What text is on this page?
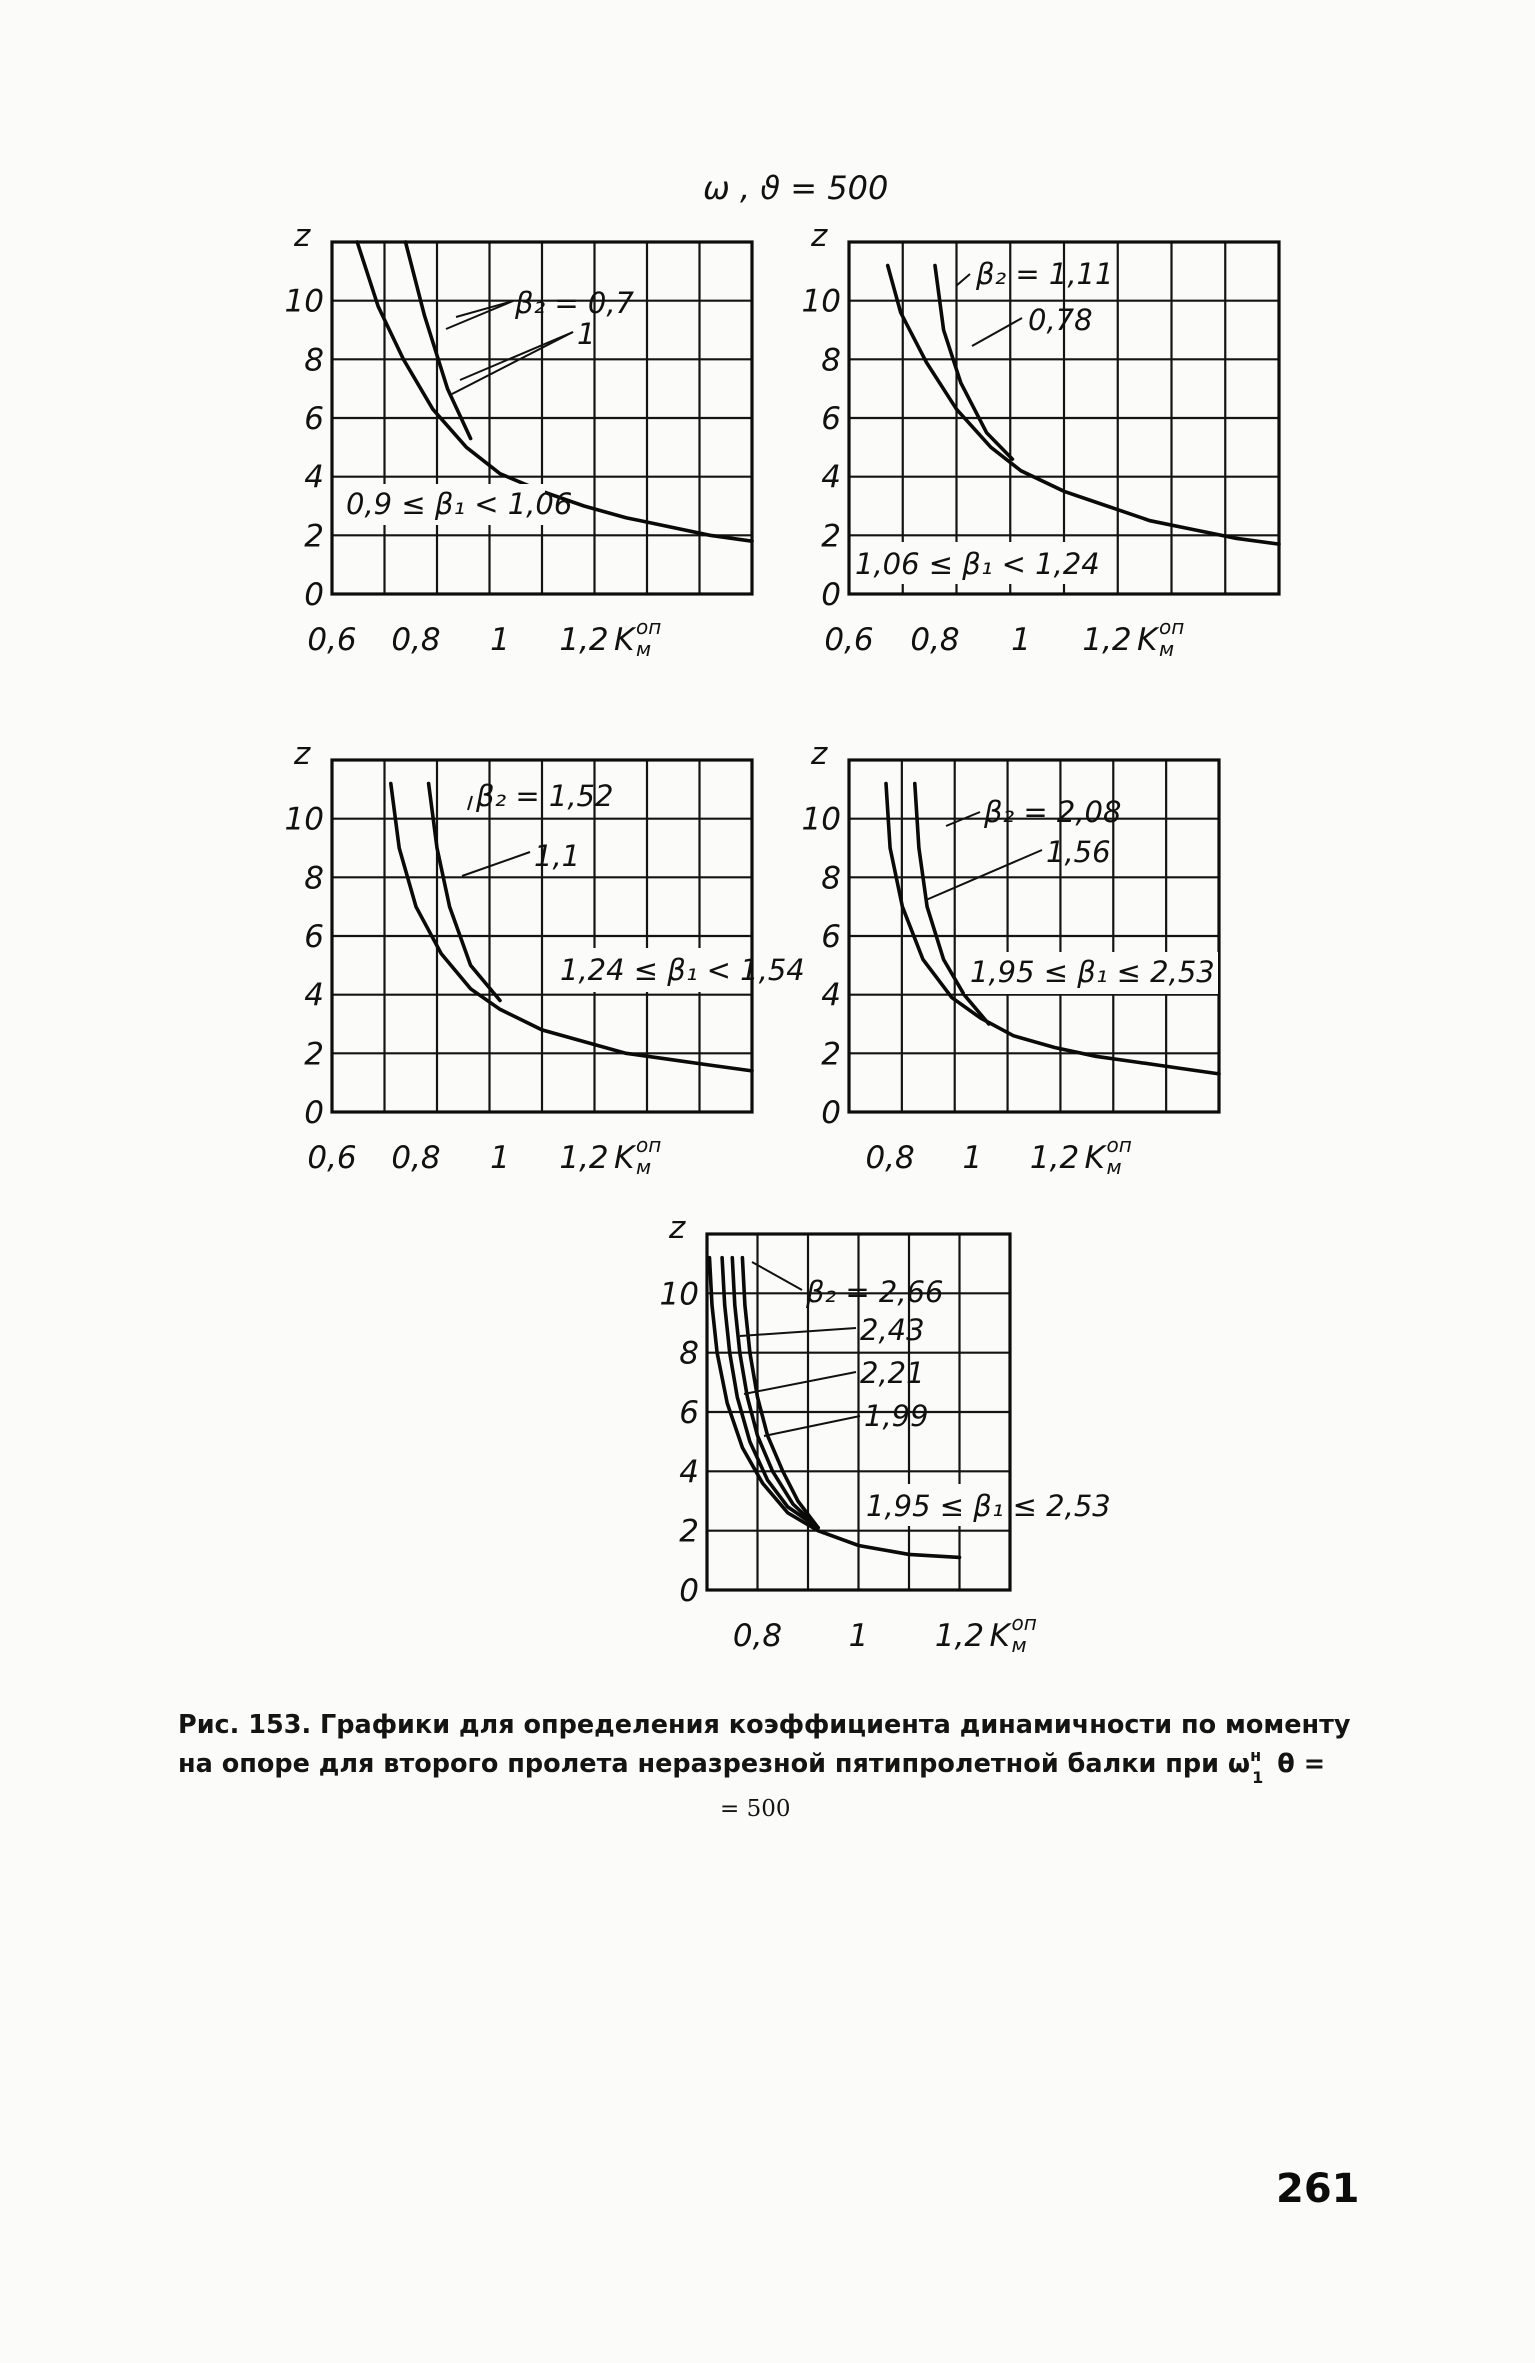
ω , ϑ = 500
β₂ = 0,7
1
0,9 ≤ β₁ < 1,06
0
2
4
6
8
10
z
0,6 0,8 1 1,2 K оп
м
β₂ = 1,11
0,78
1,06 ≤ β₁ < 1,24
0
2
4
6
8
10
z
0,6 0,8 1 1,2 K оп
м
β₂ = 1,52
1,1
1,24 ≤ β₁ < 1,54
0
2
4
6
8
10
z
0,6 0,8 1 1,2 K оп
м
β₂ = 2,08
1,56
1,95 ≤ β₁ ≤ 2,53
0
2
4
6
8
10
z
0,8 1 1,2 K оп
м
β₂ = 2,66
2,43
2,21
1,99
1,95 ≤ β₁ ≤ 2,53
0
2
4
6
8
10
z
0,8 1 1,2 K оп
м
Рис. 153. Графики для определения коэффициента динамичности по моменту
на опоре для второго пролета неразрезной пятипролетной балки при $\omega^н$ 1 θ =
= 500
261
